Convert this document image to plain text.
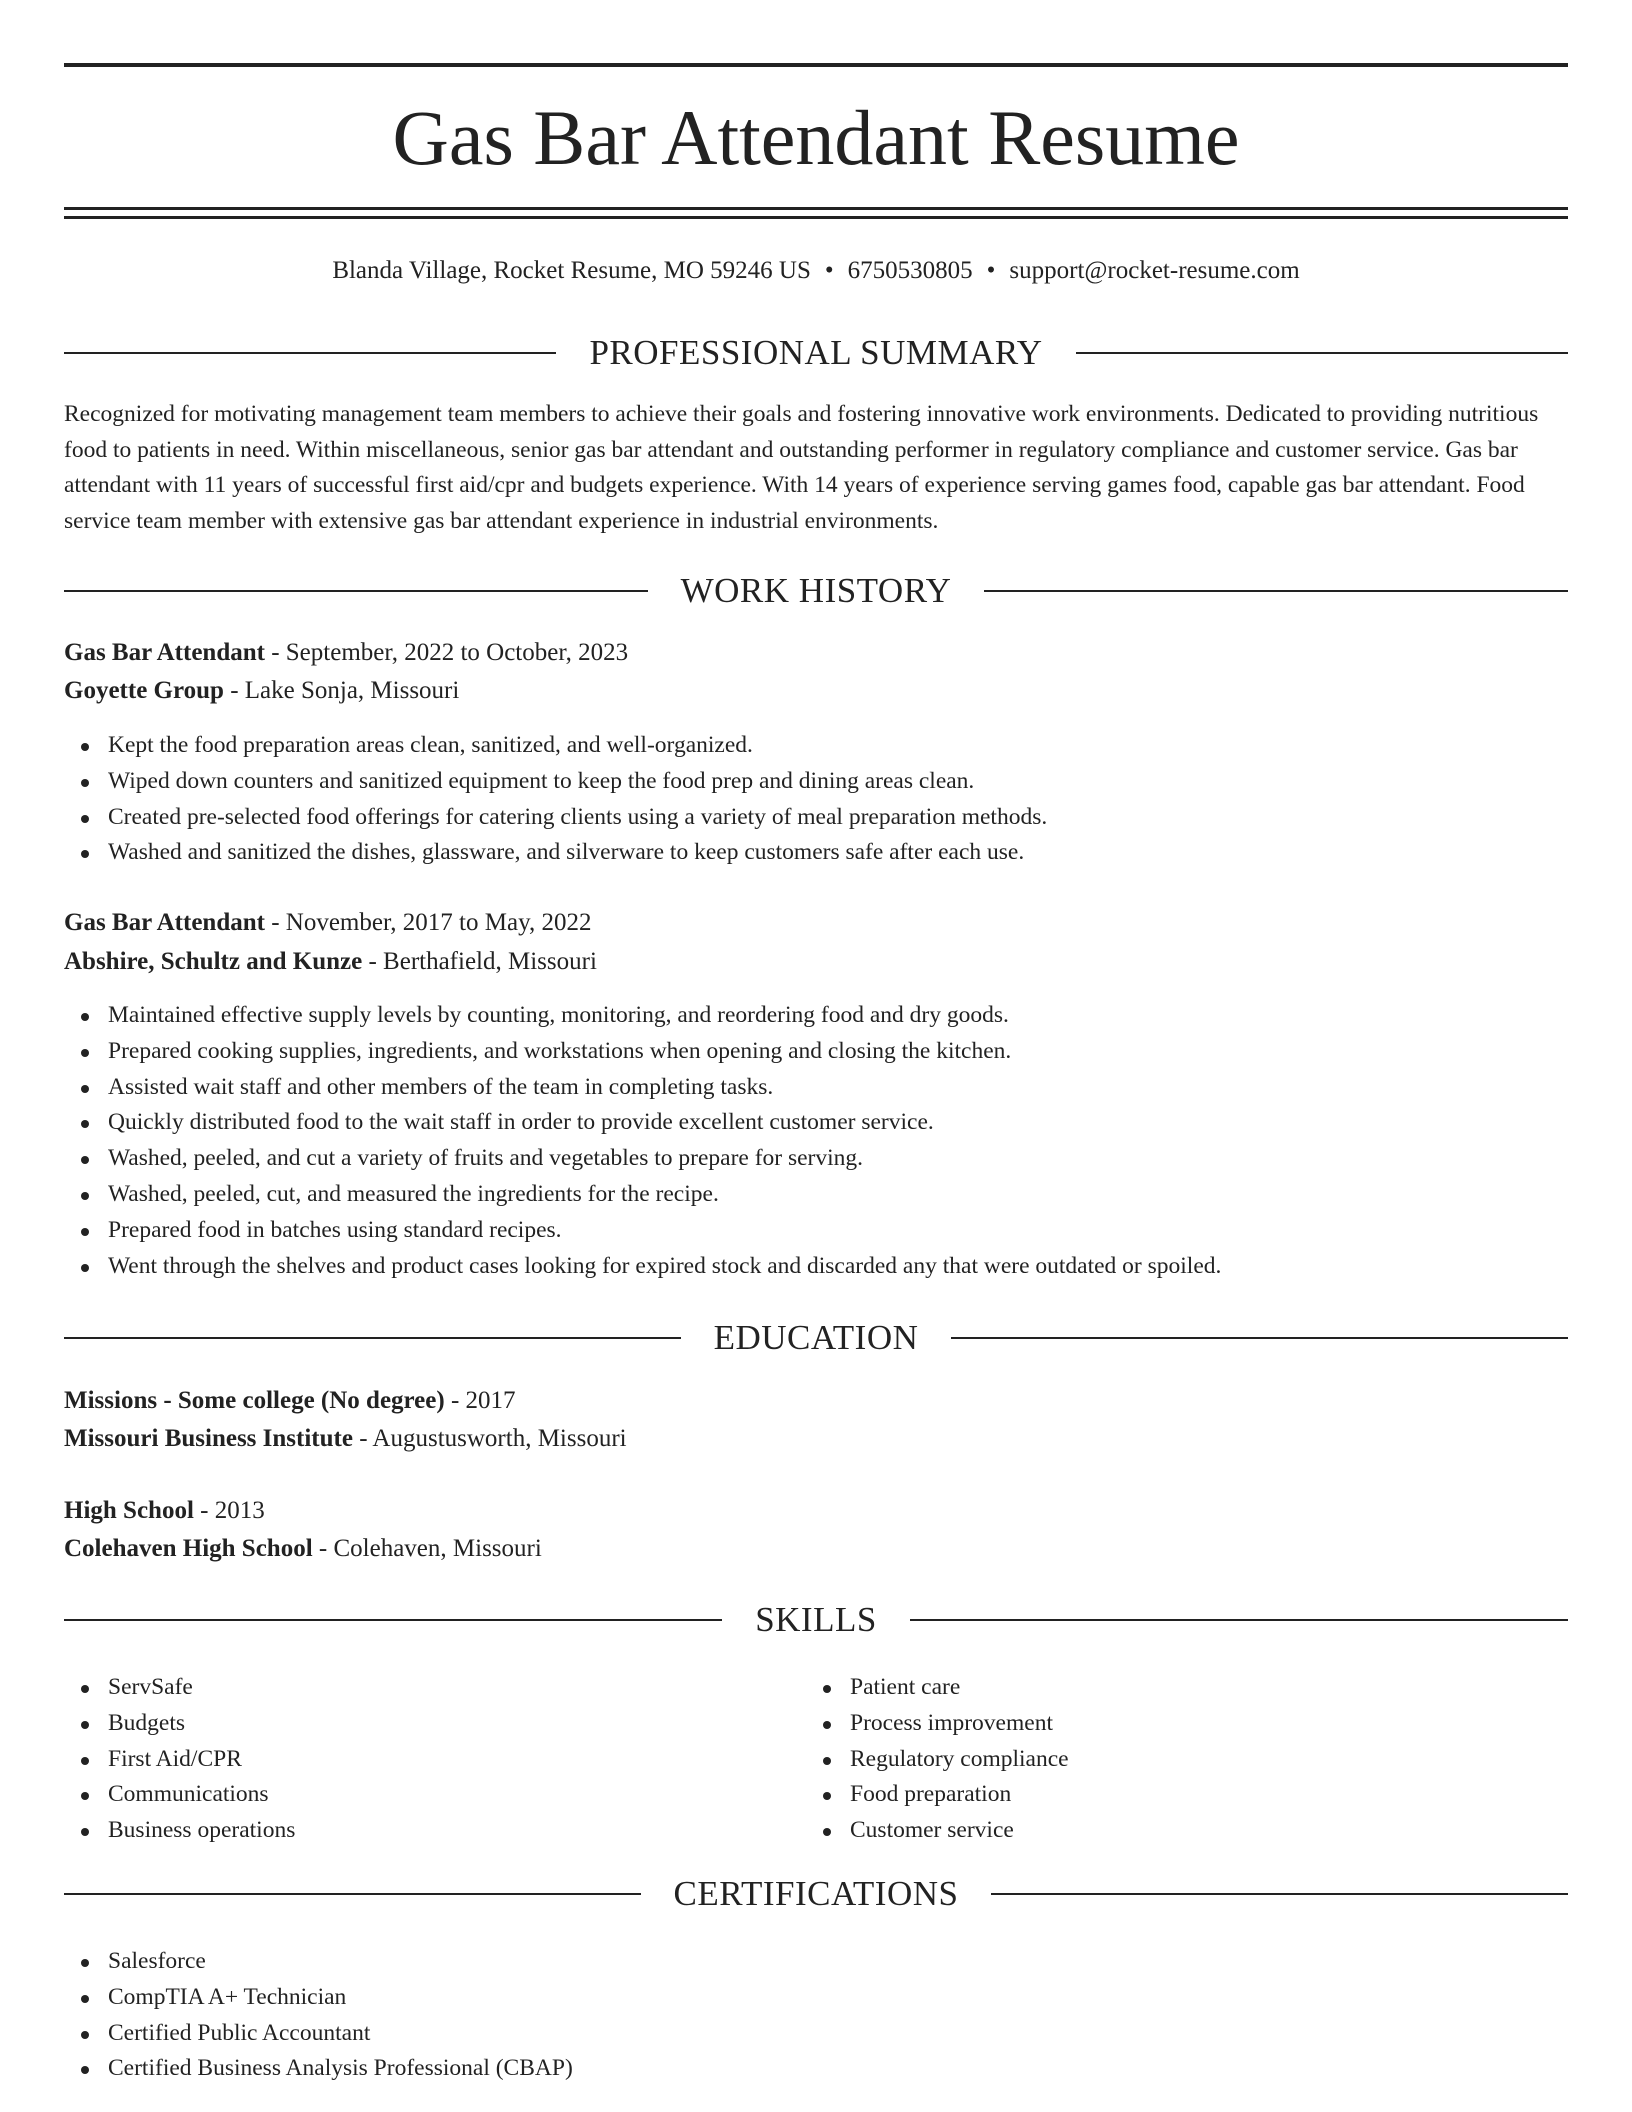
Gas Bar Attendant Resume
Blanda Village, Rocket Resume, MO 59246 US • 6750530805 • support@rocket-resume.com
PROFESSIONAL SUMMARY
Recognized for motivating management team members to achieve their goals and fostering innovative work environments. Dedicated to providing nutritious food to patients in need. Within miscellaneous, senior gas bar attendant and outstanding performer in regulatory compliance and customer service. Gas bar attendant with 11 years of successful first aid/cpr and budgets experience. With 14 years of experience serving games food, capable gas bar attendant. Food service team member with extensive gas bar attendant experience in industrial environments.
WORK HISTORY
Gas Bar Attendant - September, 2022 to October, 2023
Goyette Group - Lake Sonja, Missouri
Kept the food preparation areas clean, sanitized, and well-organized.
Wiped down counters and sanitized equipment to keep the food prep and dining areas clean.
Created pre-selected food offerings for catering clients using a variety of meal preparation methods.
Washed and sanitized the dishes, glassware, and silverware to keep customers safe after each use.
Gas Bar Attendant - November, 2017 to May, 2022
Abshire, Schultz and Kunze - Berthafield, Missouri
Maintained effective supply levels by counting, monitoring, and reordering food and dry goods.
Prepared cooking supplies, ingredients, and workstations when opening and closing the kitchen.
Assisted wait staff and other members of the team in completing tasks.
Quickly distributed food to the wait staff in order to provide excellent customer service.
Washed, peeled, and cut a variety of fruits and vegetables to prepare for serving.
Washed, peeled, cut, and measured the ingredients for the recipe.
Prepared food in batches using standard recipes.
Went through the shelves and product cases looking for expired stock and discarded any that were outdated or spoiled.
EDUCATION
Missions - Some college (No degree) - 2017
Missouri Business Institute - Augustusworth, Missouri
High School - 2013
Colehaven High School - Colehaven, Missouri
SKILLS
ServSafe
Budgets
First Aid/CPR
Communications
Business operations
Patient care
Process improvement
Regulatory compliance
Food preparation
Customer service
CERTIFICATIONS
Salesforce
CompTIA A+ Technician
Certified Public Accountant
Certified Business Analysis Professional (CBAP)
